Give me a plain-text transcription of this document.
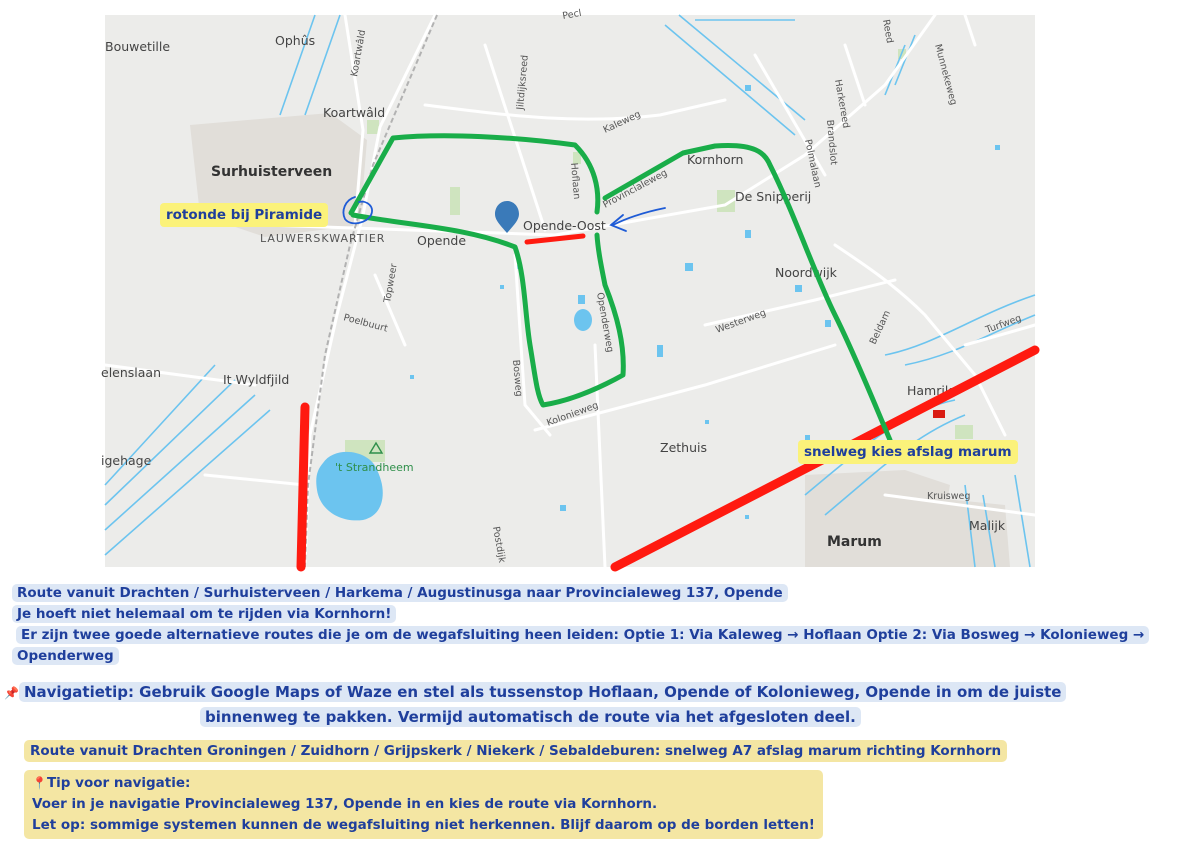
Bouwetille	Ophûs
Koartwâld
Surhuisterveen
LAUWERSKWARTIER	Opende
Opende-Oost
Kornhorn
De Snipperij
Noordwijk
Hamrik
Zethuis
Marum
Malijk
It Wyldfjild
't Strandheem
elenslaan
igehage
Koartwâld
Jiltdijksreed
Kaleweg
Hoflaan Provincialeweg
Harkereed
Brandslot
Polmalaan
Munnekeweg
Reed
Topweer
Poelbuurt	Openderweg
Bosweg
Westerweg
Kolonieweg
Beldam	Turfweg
Kruisweg
Postdijk
Pecl
rotonde bij Piramide
snelweg kies afslag marum
Route vanuit Drachten / Surhuisterveen / Harkema / Augustinusga naar Provincialeweg 137, Opende
Je hoeft niet helemaal om te rijden via Kornhorn!
Er zijn twee goede alternatieve routes die je om de wegafsluiting heen leiden: Optie 1: Via Kaleweg → Hoflaan Optie 2: Via Bosweg → Kolonieweg →
Openderweg
📌 Navigatietip: Gebruik Google Maps of Waze en stel als tussenstop Hoflaan, Opende of Kolonieweg, Opende in om de juiste
binnenweg te pakken. Vermijd automatisch de route via het afgesloten deel.
Route vanuit Drachten Groningen / Zuidhorn / Grijpskerk / Niekerk / Sebaldeburen: snelweg A7 afslag marum richting Kornhorn
📍Tip voor navigatie:
Voer in je navigatie Provincialeweg 137, Opende in en kies de route via Kornhorn.
Let op: sommige systemen kunnen de wegafsluiting niet herkennen. Blijf daarom op de borden letten!
